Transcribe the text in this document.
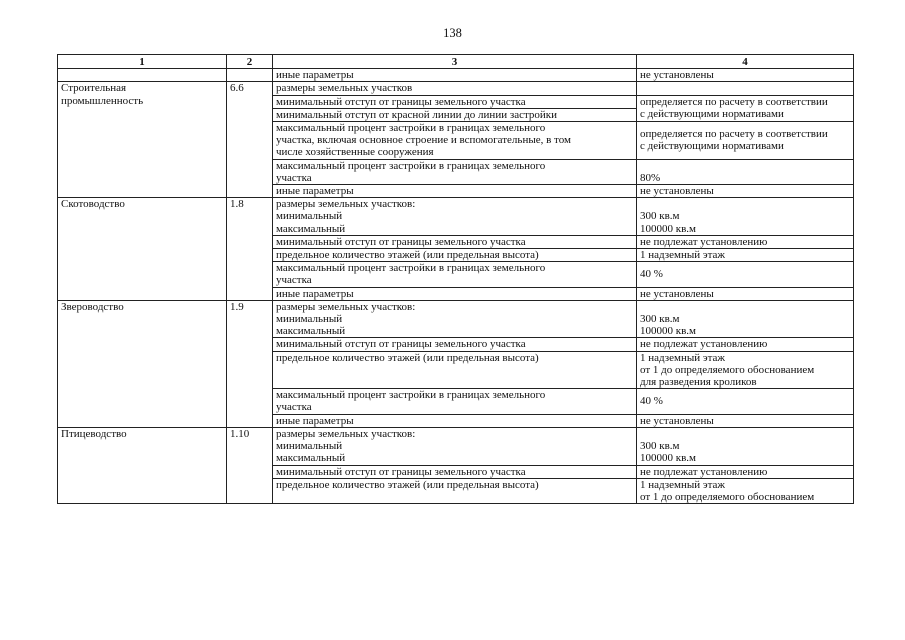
138
1	2	3	4

		иные параметры	не установлены

Строительная
промышленность	6.6	размеры земельных участков	

		минимальный отступ от границы земельного участка	определяется по расчету в соответствии
с действующими нормативами

		минимальный отступ от красной линии до линии застройки	

		максимальный процент застройки в границах земельного
участка, включая основное строение и вспомогательные, в том
числе хозяйственные сооружения	определяется по расчету в соответствии
с действующими нормативами

		максимальный процент застройки в границах земельного
участка	80%

		иные параметры	не установлены

Скотоводство	1.8	размеры земельных участков:
минимальный
максимальный	300 кв.м
100000 кв.м

		минимальный отступ от границы земельного участка	не подлежат установлению

		предельное количество этажей (или предельная высота)	1 надземный этаж

		максимальный процент застройки в границах земельного
участка	40 %

		иные параметры	не установлены

Звероводство	1.9	размеры земельных участков:
минимальный
максимальный	300 кв.м
100000 кв.м

		минимальный отступ от границы земельного участка	не подлежат установлению

		предельное количество этажей (или предельная высота)	1 надземный этаж
от 1 до определяемого обоснованием
для разведения кроликов

		максимальный процент застройки в границах земельного
участка	40 %

		иные параметры	не установлены

Птицеводство	1.10	размеры земельных участков:
минимальный
максимальный	300 кв.м
100000 кв.м

		минимальный отступ от границы земельного участка	не подлежат установлению

		предельное количество этажей (или предельная высота)	1 надземный этаж
от 1 до определяемого обоснованием
